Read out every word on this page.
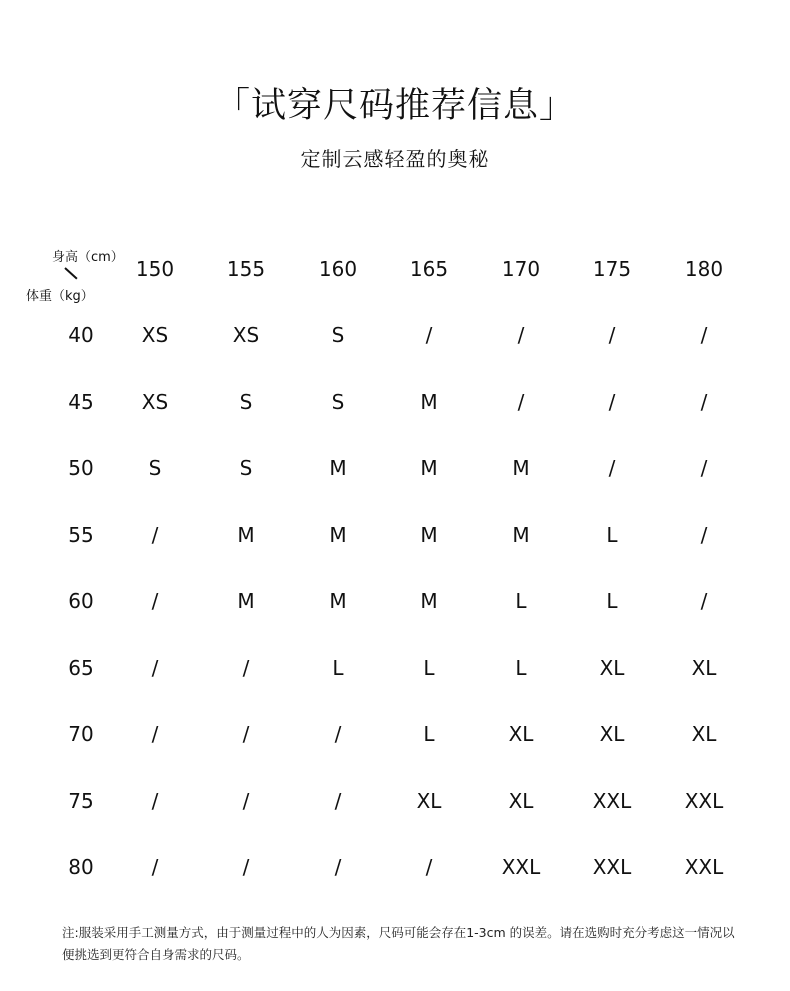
「试穿尺码推荐信息」
定制云感轻盈的奥秘
身高（cm）
体重（kg）
150	155	160	165	170	175	180
40	XS	XS	S	/	/	/	/
45	XS	S	S	M	/	/	/
50	S	S	M	M	M	/	/
55	/	M	M	M	M	L	/
60	/	M	M	M	L	L	/
65	/	/	L	L	L	XL	XL
70	/	/	/	L	XL	XL	XL
75	/	/	/	XL	XL	XXL	XXL
80	/	/	/	/	XXL	XXL	XXL
注:服装采用手工测量方式，由于测量过程中的人为因素，尺码可能会存在1-3cm 的误差。请在选购时充分考虑这一情况以便挑选到更符合自身需求的尺码。
